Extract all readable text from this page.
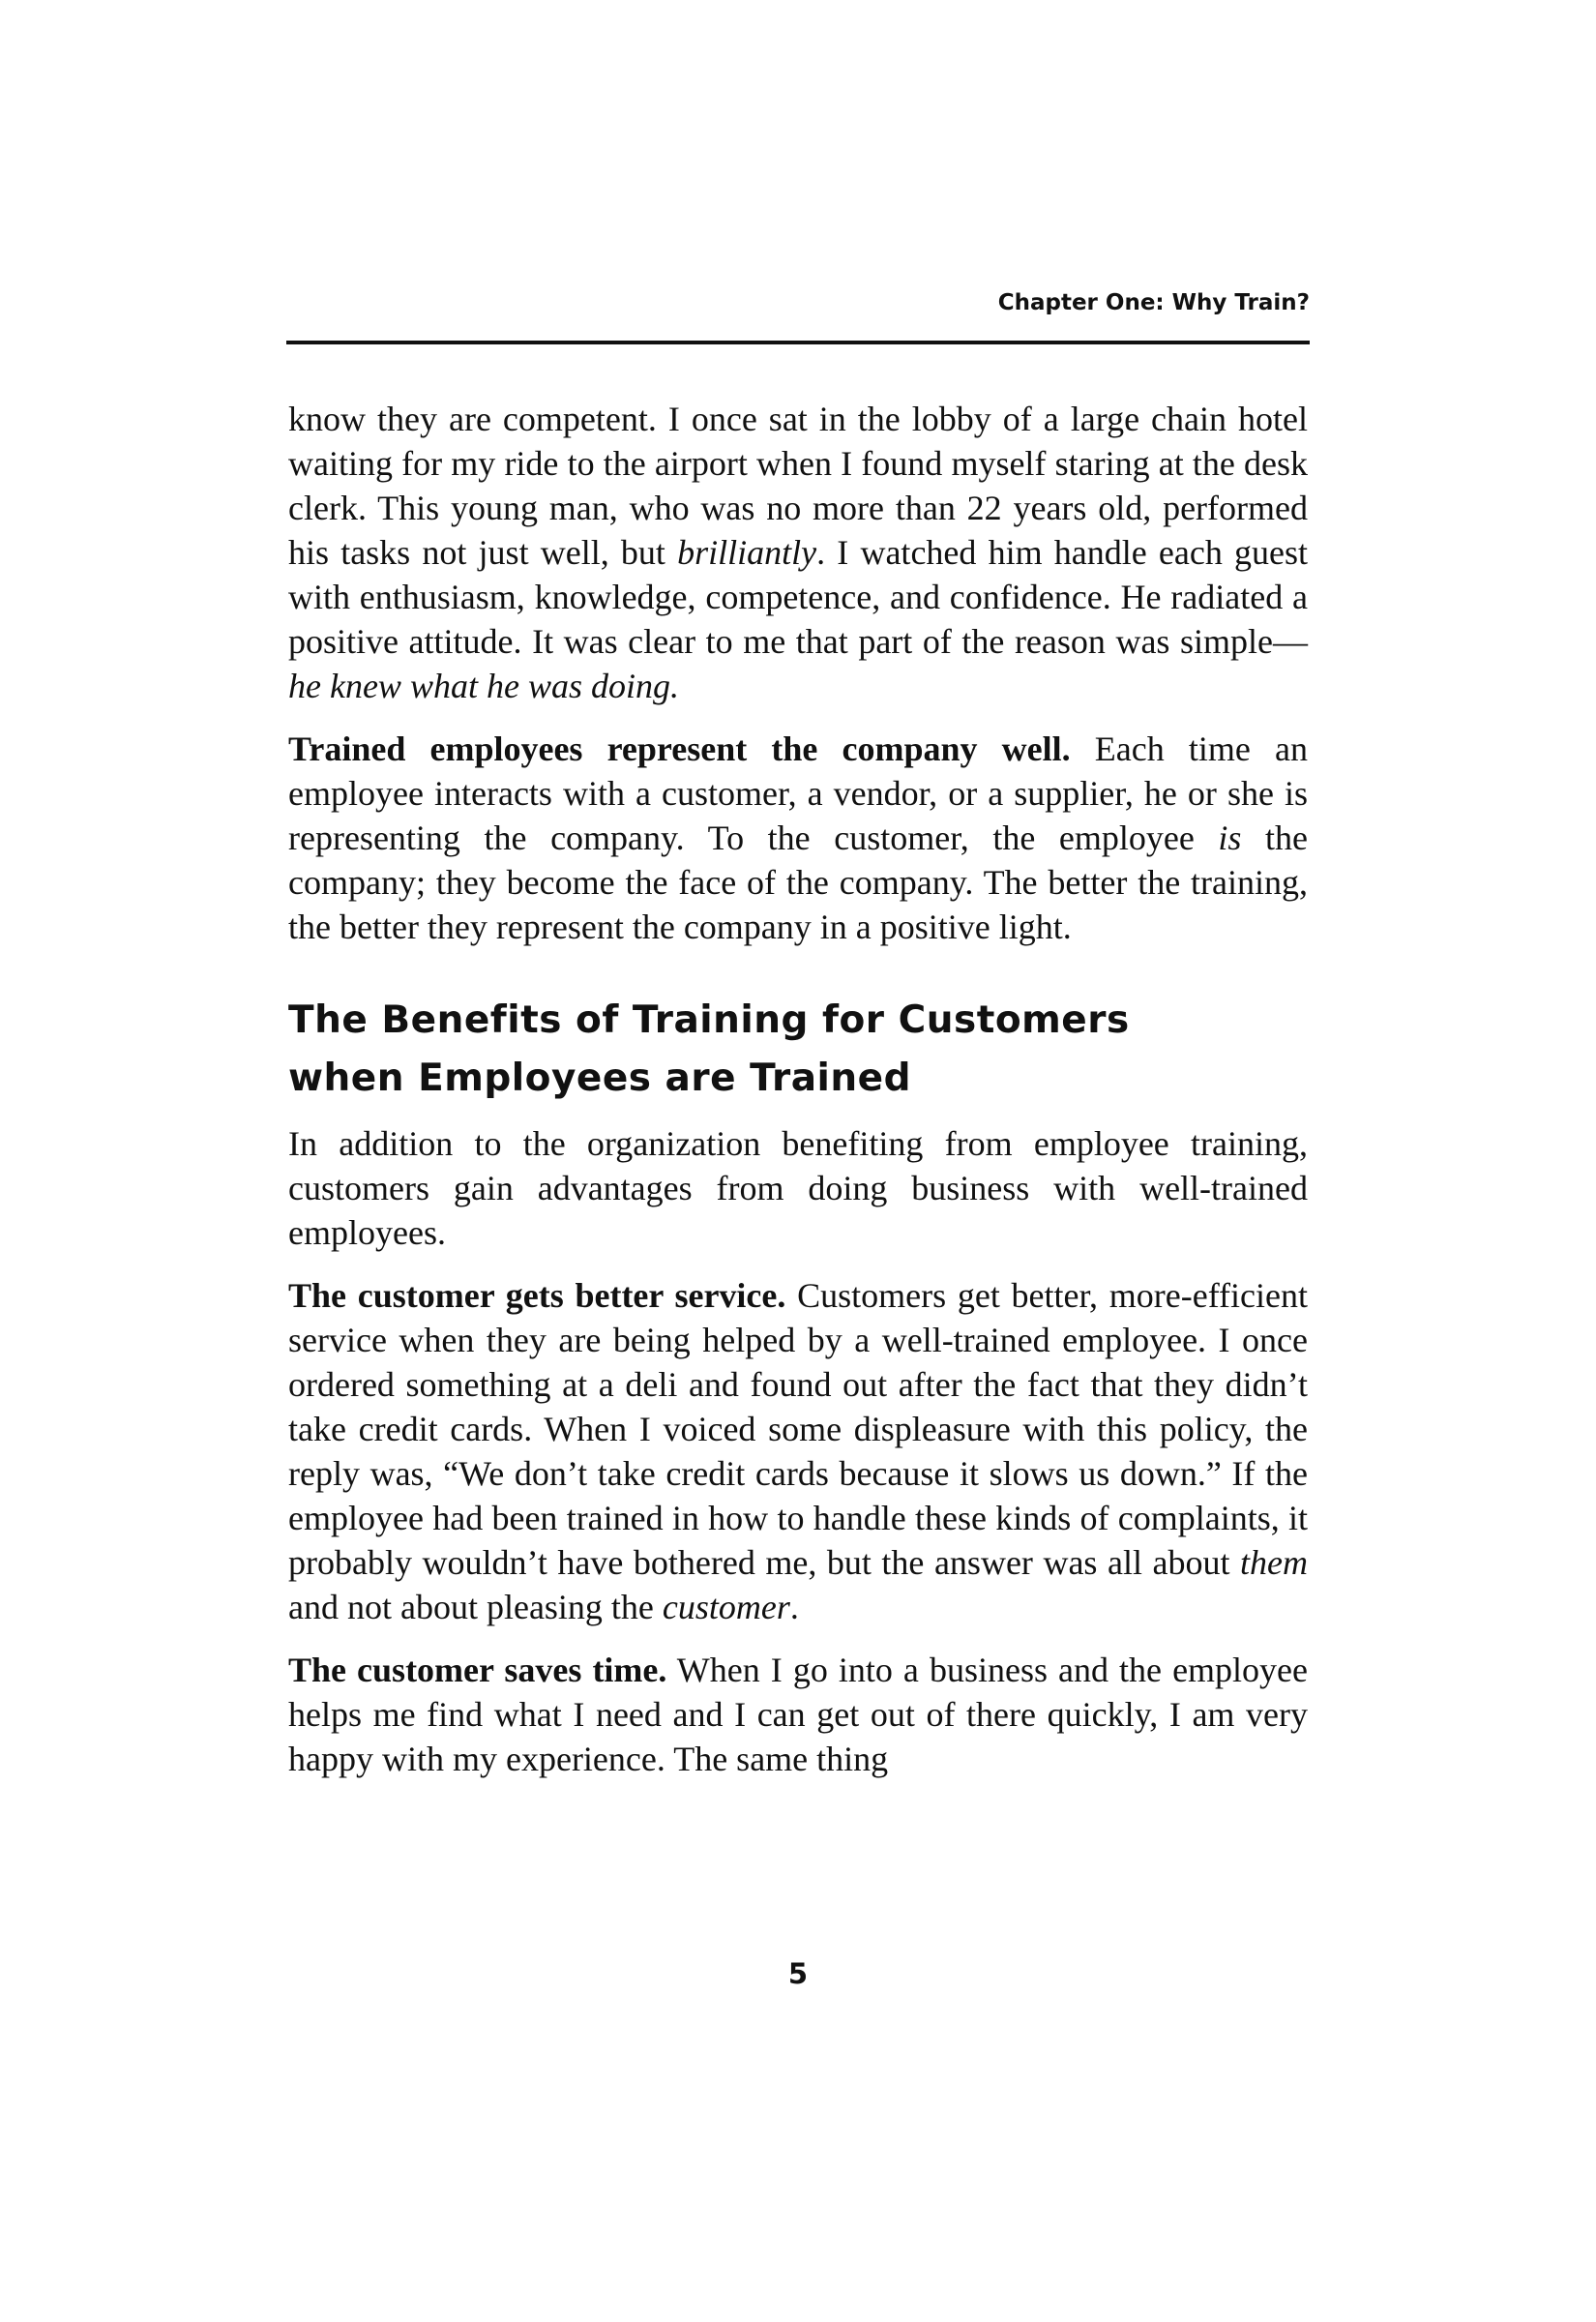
Chapter One: Why Train?

know they are competent. I once sat in the lobby of a large chain hotel waiting for my ride to the airport when I found myself staring at the desk clerk. This young man, who was no more than 22 years old, performed his tasks not just well, but brilliantly. I watched him handle each guest with enthusiasm, knowledge, competence, and confidence. He radiated a positive attitude. It was clear to me that part of the reason was simple—he knew what he was doing.

Trained employees represent the company well. Each time an employee interacts with a customer, a vendor, or a supplier, he or she is representing the company. To the customer, the employee is the company; they become the face of the company. The better the training, the better they represent the company in a positive light.

The Benefits of Training for Customers when Employees are Trained

In addition to the organization benefiting from employee training, customers gain advantages from doing business with well-trained employees.

The customer gets better service. Customers get better, more-efficient service when they are being helped by a well-trained employee. I once ordered something at a deli and found out after the fact that they didn’t take credit cards. When I voiced some displeasure with this policy, the reply was, “We don’t take credit cards because it slows us down.” If the employee had been trained in how to handle these kinds of complaints, it probably wouldn’t have bothered me, but the answer was all about them and not about pleasing the customer.

The customer saves time. When I go into a business and the employee helps me find what I need and I can get out of there quickly, I am very happy with my experience. The same thing

5
